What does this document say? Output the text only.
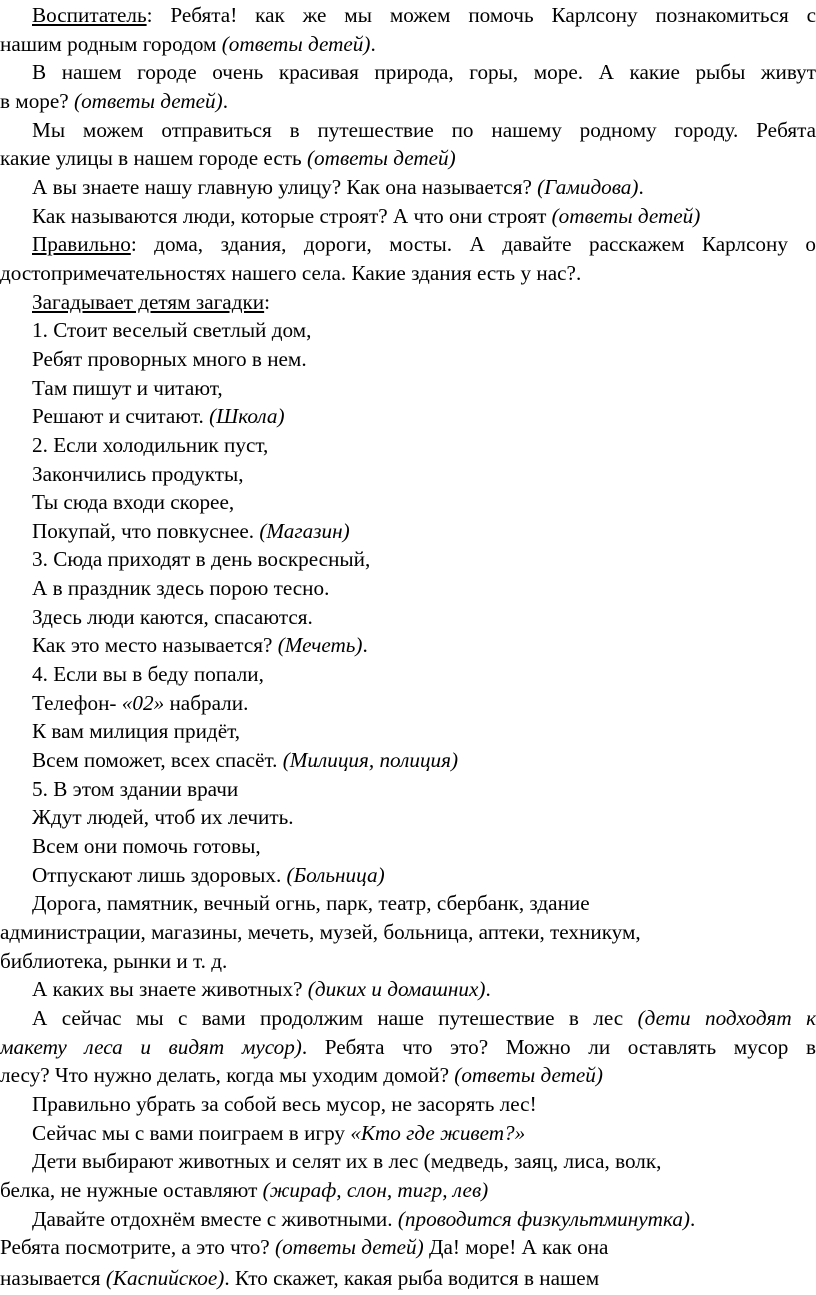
Воспитатель: Ребята! как же мы можем помочь Карлсону познакомиться с
нашим родным городом (ответы детей).
В нашем городе очень красивая природа, горы, море. А какие рыбы живут
в море? (ответы детей).
Мы можем отправиться в путешествие по нашему родному городу. Ребята
какие улицы в нашем городе есть (ответы детей)
А вы знаете нашу главную улицу? Как она называется? (Гамидова).
Как называются люди, которые строят? А что они строят (ответы детей)
Правильно: дома, здания, дороги, мосты. А давайте расскажем Карлсону о
достопримечательностях нашего села. Какие здания есть у нас?.
Загадывает детям загадки:
1. Стоит веселый светлый дом,
Ребят проворных много в нем.
Там пишут и читают,
Решают и считают. (Школа)
2. Если холодильник пуст,
Закончились продукты,
Ты сюда входи скорее,
Покупай, что повкуснее. (Магазин)
3. Сюда приходят в день воскресный,
А в праздник здесь порою тесно.
Здесь люди каются, спасаются.
Как это место называется? (Мечеть).
4. Если вы в беду попали,
Телефон- «02» набрали.
К вам милиция придёт,
Всем поможет, всех спасёт. (Милиция, полиция)
5. В этом здании врачи
Ждут людей, чтоб их лечить.
Всем они помочь готовы,
Отпускают лишь здоровых. (Больница)
Дорога, памятник, вечный огнь, парк, театр, сбербанк, здание
администрации, магазины, мечеть, музей, больница, аптеки, техникум,
библиотека, рынки и т. д.
А каких вы знаете животных? (диких и домашних).
А сейчас мы с вами продолжим наше путешествие в лес (дети подходят к
макету леса и видят мусор). Ребята что это? Можно ли оставлять мусор в
лесу? Что нужно делать, когда мы уходим домой? (ответы детей)
Правильно убрать за собой весь мусор, не засорять лес!
Сейчас мы с вами поиграем в игру «Кто где живет?»
Дети выбирают животных и селят их в лес (медведь, заяц, лиса, волк,
белка, не нужные оставляют (жираф, слон, тигр, лев)
Давайте отдохнём вместе с животными. (проводится физкультминутка).
Ребята посмотрите, а это что? (ответы детей) Да! море! А как она
называется (Каспийское). Кто скажет, какая рыба водится в нашем
